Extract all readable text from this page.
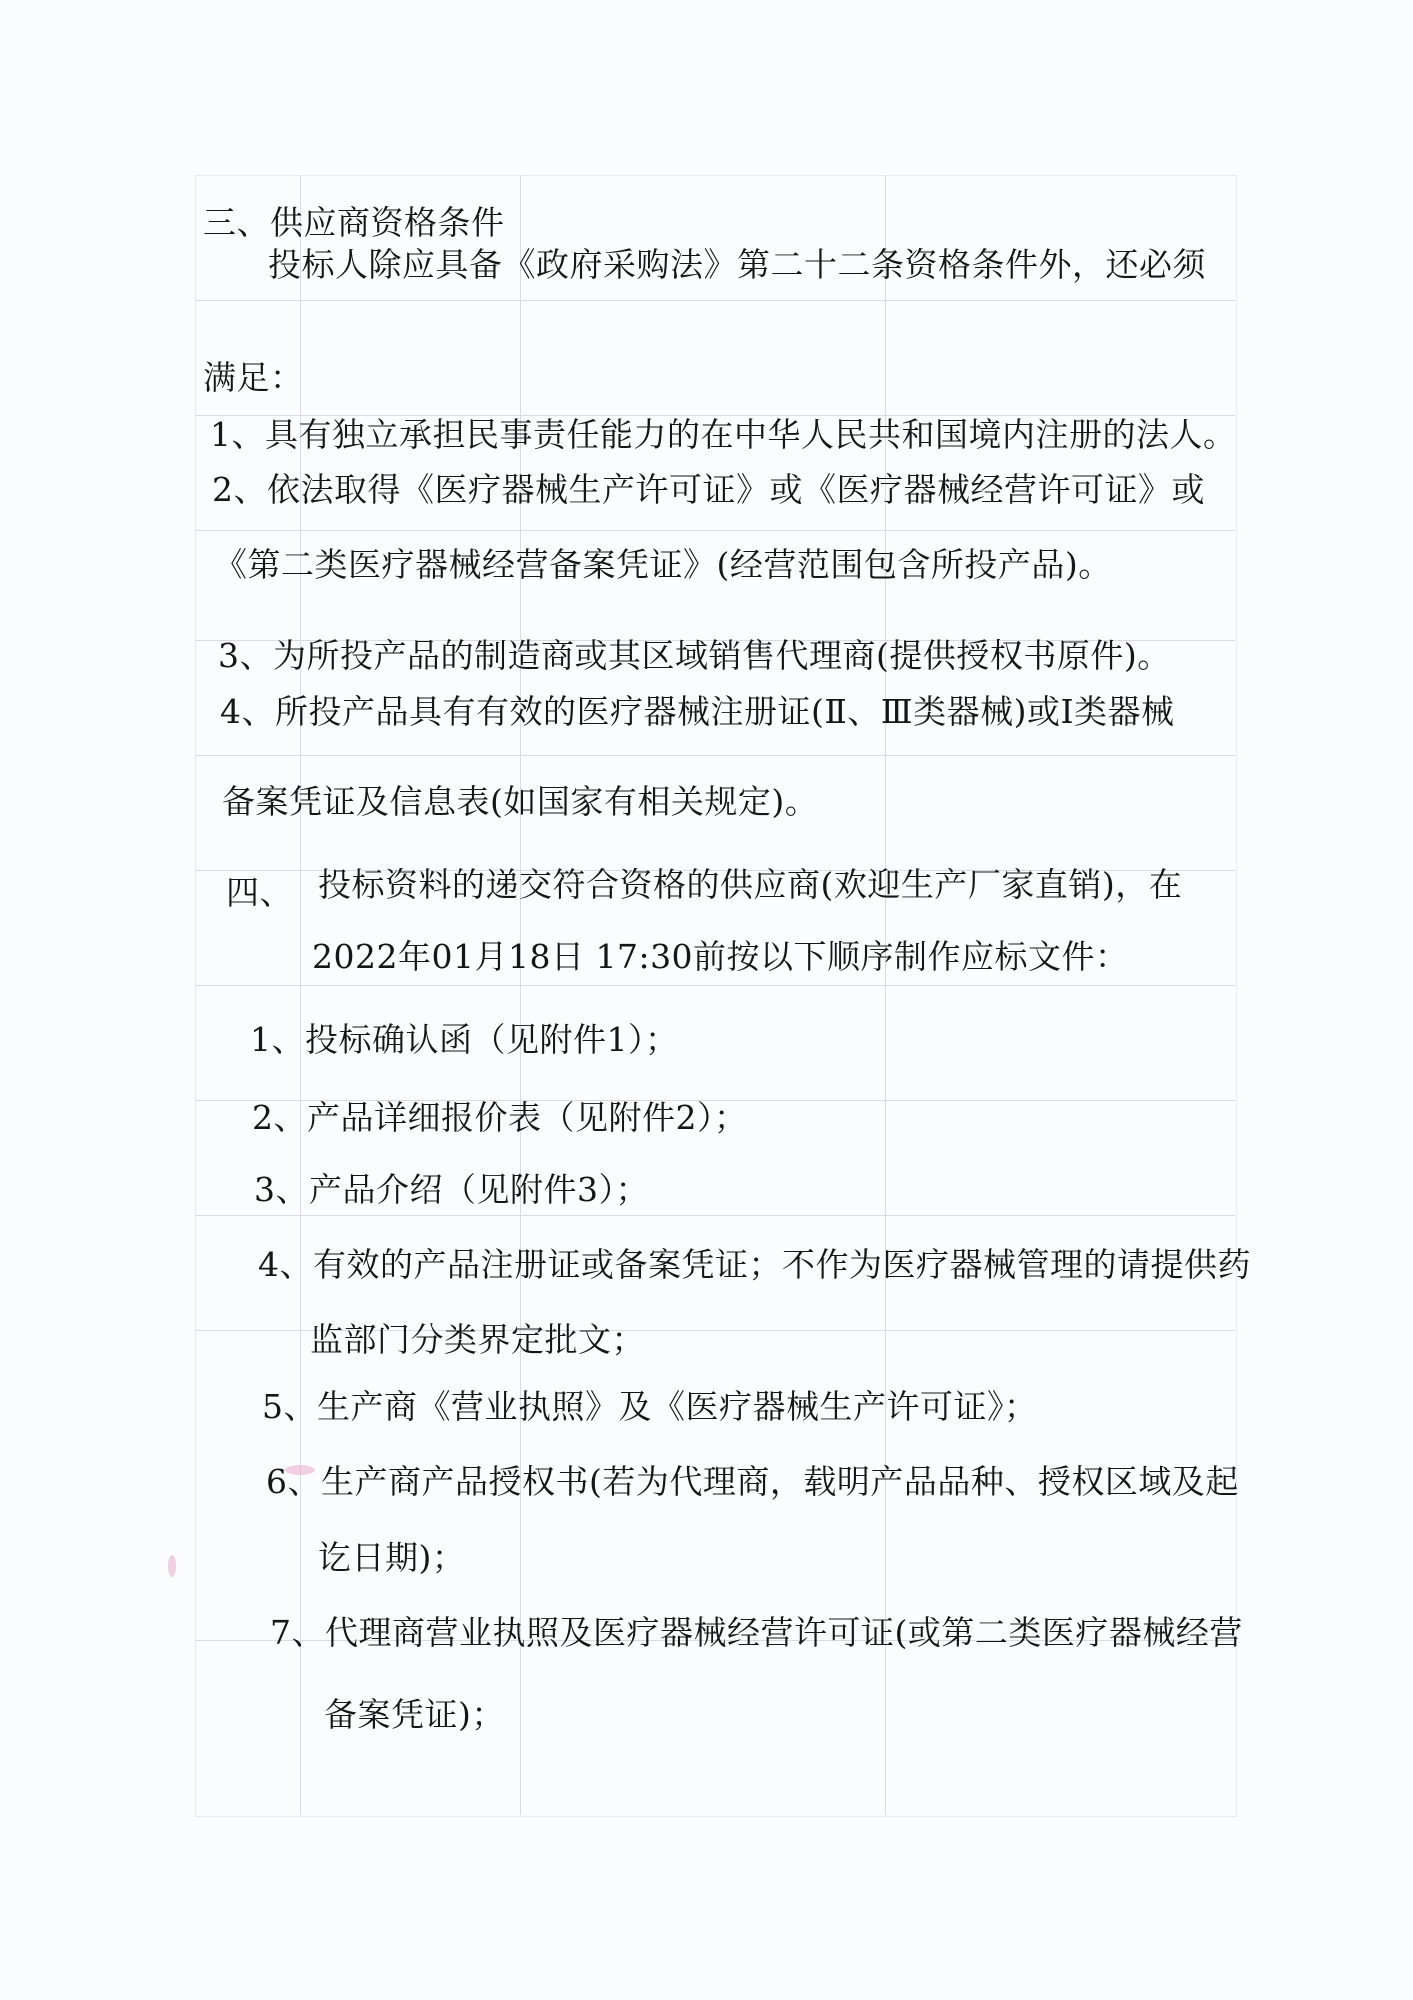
三、供应商资格条件
投标人除应具备《政府采购法》第二十二条资格条件外，还必须
满足：
1、具有独立承担民事责任能力的在中华人民共和国境内注册的法人。
2、依法取得《医疗器械生产许可证》或《医疗器械经营许可证》或
《第二类医疗器械经营备案凭证》(经营范围包含所投产品)。
3、为所投产品的制造商或其区域销售代理商(提供授权书原件)。
4、所投产品具有有效的医疗器械注册证(Ⅱ、Ⅲ类器械)或Ⅰ类器械
备案凭证及信息表(如国家有相关规定)。
四、 投标资料的递交符合资格的供应商(欢迎生产厂家直销)，在
2022年01月18日 17:30前按以下顺序制作应标文件：
1、投标确认函（见附件1）；
2、产品详细报价表（见附件2）；
3、产品介绍（见附件3）；
4、有效的产品注册证或备案凭证；不作为医疗器械管理的请提供药
监部门分类界定批文；
5、生产商《营业执照》及《医疗器械生产许可证》；
6、生产商产品授权书(若为代理商，载明产品品种、授权区域及起
讫日期)；
7、代理商营业执照及医疗器械经营许可证(或第二类医疗器械经营
备案凭证)；
